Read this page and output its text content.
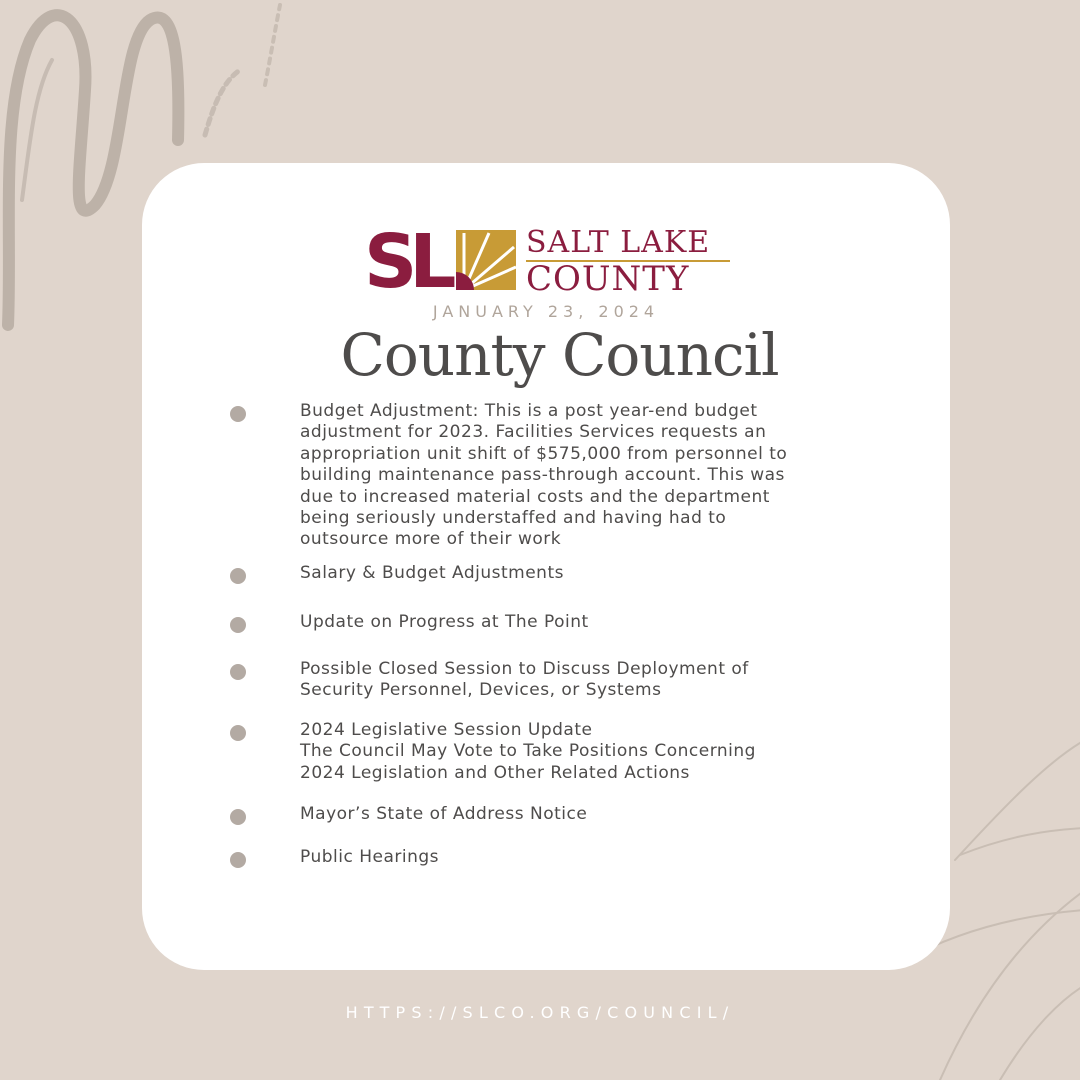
SL	SALT LAKE
COUNTY
JANUARY 23, 2024
County Council
Budget Adjustment: This is a post year-end budget
adjustment for 2023. Facilities Services requests an
appropriation unit shift of $575,000 from personnel to
building maintenance pass-through account. This was
due to increased material costs and the department
being seriously understaffed and having had to
outsource more of their work
Salary & Budget Adjustments
Update on Progress at The Point
Possible Closed Session to Discuss Deployment of
Security Personnel, Devices, or Systems
2024 Legislative Session Update
The Council May Vote to Take Positions Concerning
2024 Legislation and Other Related Actions
Mayor’s State of Address Notice
Public Hearings
HTTPS://SLCO.ORG/COUNCIL/
